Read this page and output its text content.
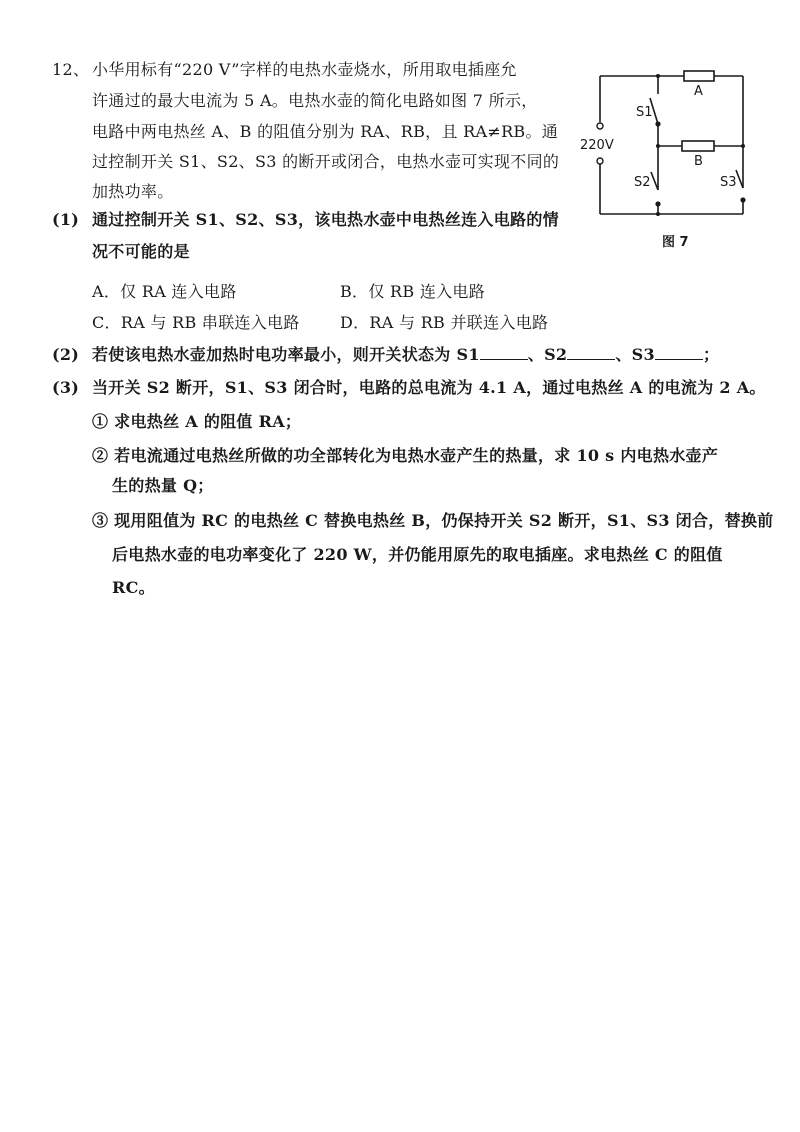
12、 小华用标有“220 V”字样的电热水壶烧水，所用取电插座允
许通过的最大电流为 5 A。电热水壶的简化电路如图 7 所示，
电路中两电热丝 A、B 的阻值分别为 RA、RB，且 RA≠RB。通
过控制开关 S1、S2、S3 的断开或闭合，电热水壶可实现不同的
加热功率。
(1) 通过控制开关 S1、S2、S3，该电热水壶中电热丝连入电路的情
况不可能的是
A．仅 RA 连入电路	B．仅 RB 连入电路
C．RA 与 RB 串联连入电路	D．RA 与 RB 并联连入电路
(2) 若使该电热水壶加热时电功率最小，则开关状态为 S1	、S2	、S3	；
(3) 当开关 S2 断开，S1、S3 闭合时，电路的总电流为 4.1 A，通过电热丝 A 的电流为 2 A。
① 求电热丝 A 的阻值 RA；
② 若电流通过电热丝所做的功全部转化为电热水壶产生的热量，求 10 s 内电热水壶产
生的热量 Q；
③ 现用阻值为 RC 的电热丝 C 替换电热丝 B，仍保持开关 S2 断开，S1、S3 闭合，替换前
后电热水壶的电功率变化了 220 W，并仍能用原先的取电插座。求电热丝 C 的阻值
RC。
A
B
S1
S2	S3
220V
图 7
